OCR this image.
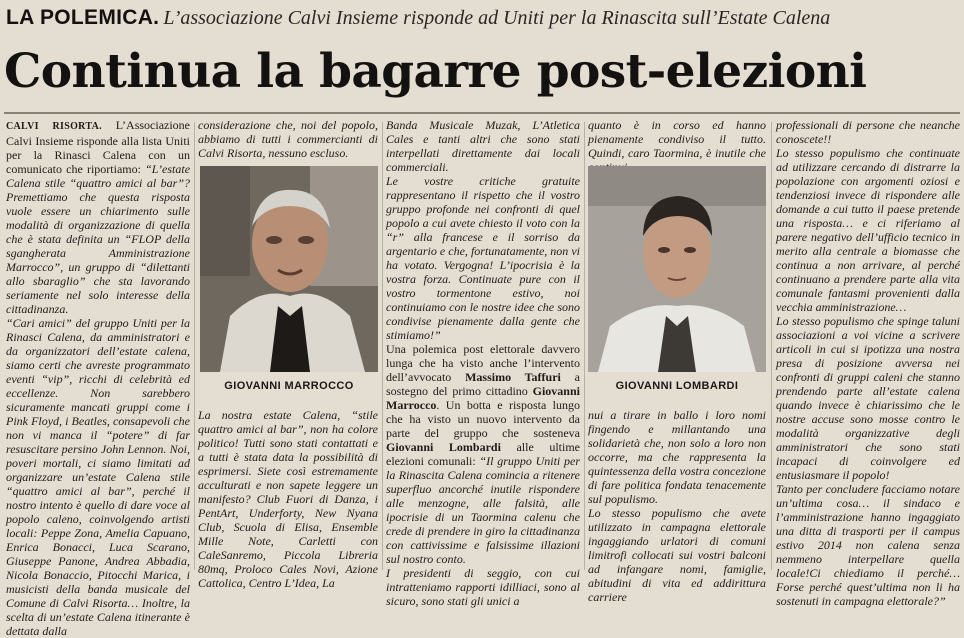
LA POLEMICA. L’associazione Calvi Insieme risponde ad Uniti per la Rinascita sull’Estate Calena
Continua la bagarre post-elezioni

CALVI RISORTA. L’Associazione Calvi Insieme risponde alla lista Uniti per la Rinasci Calena con un comunicato che riportiamo: “L’estate Calena stile “quattro amici al bar”? Premettiamo che questa risposta vuole essere un chiarimento sulle modalità di organizzazione di quella che è stata definita un “FLOP della sgangherata Amministrazione Marrocco”, un gruppo di “dilettanti allo sbaraglio” che sta lavorando seriamente nel solo interesse della cittadinanza.

“Cari amici” del gruppo Uniti per la Rinasci Calena, da amministratori e da organizzatori dell’estate calena, siamo certi che avreste programmato eventi “vip”, ricchi di celebrità ed eccellenze. Non sarebbero sicuramente mancati gruppi come i Pink Floyd, i Beatles, consapevoli che non vi manca il “potere” di far resuscitare persino John Lennon. Noi, poveri mortali, ci siamo limitati ad organizzare un’estate Calena stile “quattro amici al bar”, perché il nostro intento è quello di dare voce al popolo caleno, coinvolgendo artisti locali: Peppe Zona, Amelia Capuano, Enrica Bonacci, Luca Scarano, Giuseppe Panone, Andrea Abbadia, Nicola Bonaccio, Pitocchi Marica, i musicisti della banda musicale del Comune di Calvi Risorta… Inoltre, la scelta di un’estate Calena itinerante è dettata dalla

considerazione che, noi del popolo, abbiamo di tutti i commercianti di Calvi Risorta, nessuno escluso.

La nostra estate Calena, “stile quattro amici al bar”, non ha colore politico! Tutti sono stati contattati e a tutti è stata data la possibilità di esprimersi. Siete così estremamente acculturati e non sapete leggere un manifesto? Club Fuori di Danza, i PentArt, Underforty, New Nyana Club, Scuola di Elisa, Ensemble Mille Note, Carletti con CaleSanremo, Piccola Libreria 80mq, Proloco Cales Novi, Azione Cattolica, Centro L’Idea, La

GIOVANNI MARROCCO

Banda Musicale Muzak, L’Atletica Cales e tanti altri che sono stati interpellati direttamente dai locali commerciali.

Le vostre critiche gratuite rappresentano il rispetto che il vostro gruppo profonde nei confronti di quel popolo a cui avete chiesto il voto con la “r” alla francese e il sorriso da argentario e che, fortunatamente, non vi ha votato. Vergogna! L’ipocrisia è la vostra forza. Continuate pure con il vostro tormentone estivo, noi continuiamo con le nostre idee che sono condivise pienamente dalla gente che stimiamo!”

Una polemica post elettorale davvero lunga che ha visto anche l’intervento dell’avvocato Massimo Taffuri a sostegno del primo cittadino Giovanni Marrocco. Un botta e risposta lungo che ha visto un nuovo intervento da parte del gruppo che sosteneva Giovanni Lombardi alle ultime elezioni comunali: “Il gruppo Uniti per la Rinascita Calena comincia a ritenere superfluo ancorché inutile rispondere alle menzogne, alle falsità, alle ipocrisie di un Taormina calenu che crede di prendere in giro la cittadinanza con cattivissime e falsissime illazioni sul nostro conto.

I presidenti di seggio, con cui intratteniamo rapporti idilliaci, sono al sicuro, sono stati gli unici a

quanto è in corso ed hanno pienamente condiviso il tutto. Quindi, caro Taormina, è inutile che

nui a tirare in ballo i loro nomi fingendo e millantando una solidarietà che, non solo a loro non occorre, ma che rappresenta la quintessenza della vostra concezione di fare politica fondata tenacemente sul populismo.

Lo stesso populismo che avete utilizzato in campagna elettorale ingaggiando urlatori di comuni limitrofi collocati sui vostri balconi ad infangare nomi, famiglie, abitudini di vita ed addirittura carriere

GIOVANNI LOMBARDI

professionali di persone che neanche conoscete!!

Lo stesso populismo che continuate ad utilizzare cercando di distrarre la popolazione con argomenti oziosi e tendenziosi invece di rispondere alle domande a cui tutto il paese pretende una risposta… e ci riferiamo al parere negativo dell’ufficio tecnico in merito alla centrale a biomasse che continua a non arrivare, al perché continuano a prendere parte alla vita comunale fantasmi provenienti dalla vecchia amministrazione…

Lo stesso populismo che spinge taluni associazioni a voi vicine a scrivere articoli in cui si ipotizza una nostra presa di posizione avversa nei confronti di gruppi caleni che stanno prendendo parte all’estate calena quando invece è chiarissimo che le nostre accuse sono mosse contro le modalità organizzative degli amministratori che sono stati incapaci di coinvolgere ed entusiasmare il popolo!

Tanto per concludere facciamo notare un’ultima cosa… il sindaco e l’amministrazione hanno ingaggiato una ditta di trasporti per il campus estivo 2014 non calena senza nemmeno interpellare quella locale!Ci chiediamo il perché… Forse perché quest’ultima non li ha sostenuti in campagna elettorale?”
